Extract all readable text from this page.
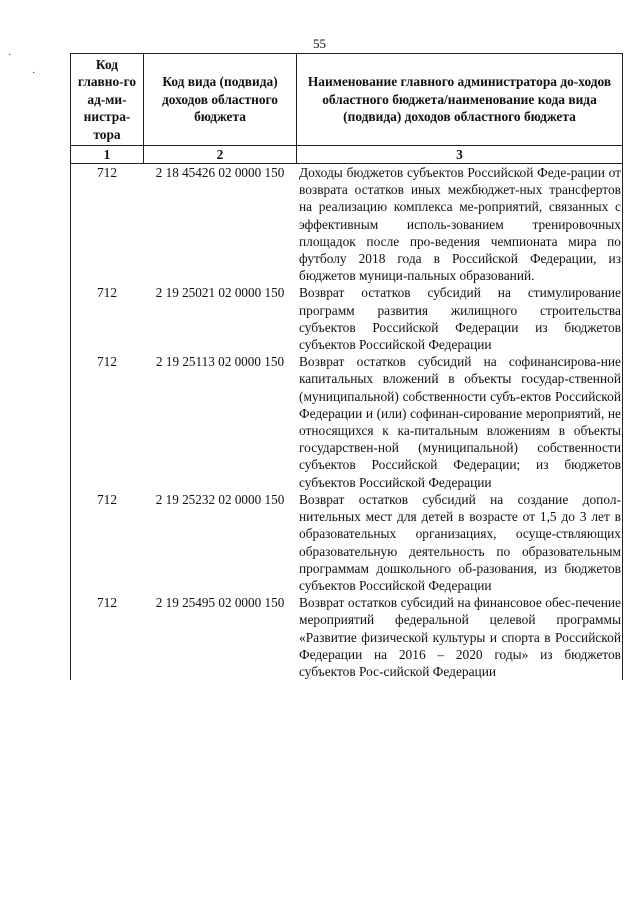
55
Код главно-го ад-ми-нистра-тора	Код вида (подвида) доходов областного бюджета	Наименование главного администратора до-ходов областного бюджета/наименование кода вида (подвида) доходов областного бюджета
1	2	3
712	2 18 45426 02 0000 150	Доходы бюджетов субъектов Российской Феде-рации от возврата остатков иных межбюджет-ных трансфертов на реализацию комплекса ме-роприятий, связанных с эффективным исполь-зованием тренировочных площадок после про-ведения чемпионата мира по футболу 2018 года в Российской Федерации, из бюджетов муници-пальных образований.
712	2 19 25021 02 0000 150	Возврат остатков субсидий на стимулирование программ развития жилищного строительства субъектов Российской Федерации из бюджетов субъектов Российской Федерации
712	2 19 25113 02 0000 150	Возврат остатков субсидий на софинансирова-ние капитальных вложений в объекты государ-ственной (муниципальной) собственности субъ-ектов Российской Федерации и (или) софинан-сирование мероприятий, не относящихся к ка-питальным вложениям в объекты государствен-ной (муниципальной) собственности субъектов Российской Федерации; из бюджетов субъектов Российской Федерации
712	2 19 25232 02 0000 150	Возврат остатков субсидий на создание допол-нительных мест для детей в возрасте от 1,5 до 3 лет в образовательных организациях, осуще-ствляющих образовательную деятельность по образовательным программам дошкольного об-разования, из бюджетов субъектов Российской Федерации
712	2 19 25495 02 0000 150	Возврат остатков субсидий на финансовое обес-печение мероприятий федеральной целевой программы «Развитие физической культуры и спорта в Российской Федерации на 2016 – 2020 годы» из бюджетов субъектов Рос-сийской Федерации
·
·
